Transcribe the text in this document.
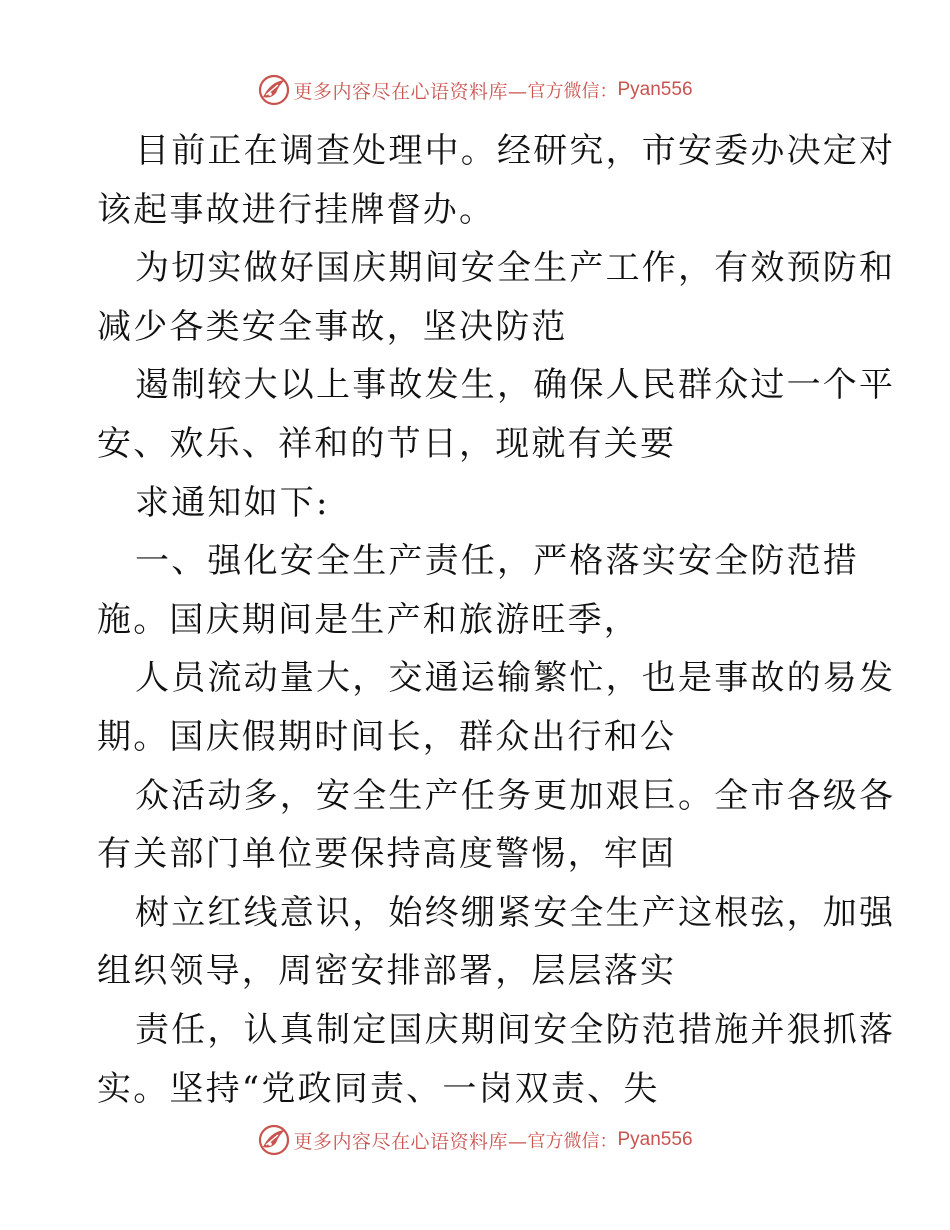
更多内容尽在心语资料库— 官方微信： Pyan556
目前正在调查处理中。经研究，市安委办决定对
该起事故进行挂牌督办。
为切实做好国庆期间安全生产工作，有效预防和
减少各类安全事故，坚决防范
遏制较大以上事故发生，确保人民群众过一个平
安、欢乐、祥和的节日，现就有关要
求通知如下:
一、强化安全生产责任，严格落实安全防范措
施。国庆期间是生产和旅游旺季，
人员流动量大，交通运输繁忙，也是事故的易发
期。国庆假期时间长，群众出行和公
众活动多，安全生产任务更加艰巨。全市各级各
有关部门单位要保持高度警惕，牢固
树立红线意识，始终绷紧安全生产这根弦，加强
组织领导，周密安排部署，层层落实
责任，认真制定国庆期间安全防范措施并狠抓落
实。坚持“党政同责、一岗双责、失
更多内容尽在心语资料库— 官方微信： Pyan556
